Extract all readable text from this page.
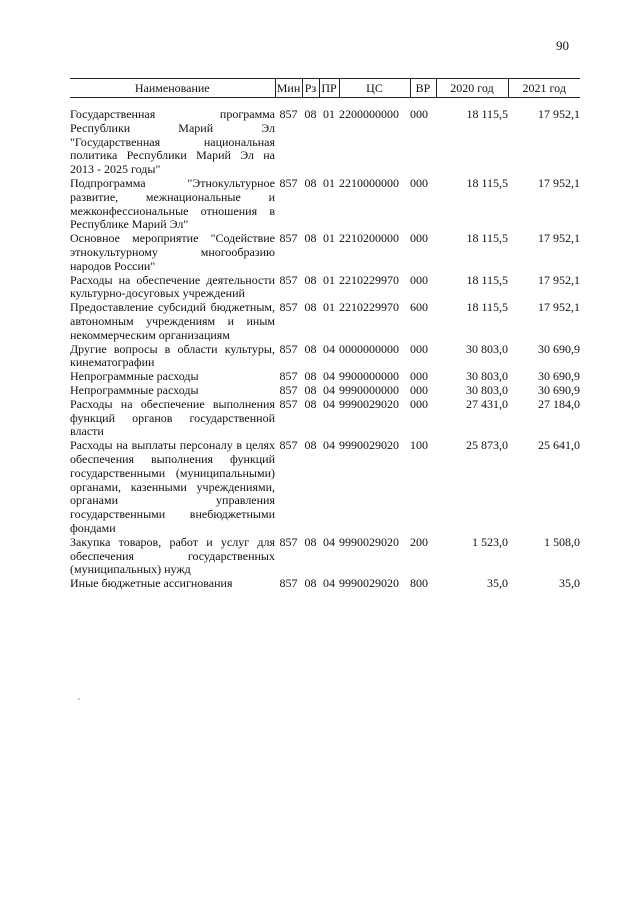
90
Наименование	Мин	Рз	ПР	ЦС	ВР	2020 год	2021 год

Государственная программа Республики Марий Эл "Государственная национальная политика Республики Марий Эл на 2013 - 2025 годы"	857	08	01	2200000000	000	18 115,5	17 952,1
Подпрограмма "Этнокультурное развитие, межнациональные и межконфессиональные отношения в Республике Марий Эл"	857	08	01	2210000000	000	18 115,5	17 952,1
Основное мероприятие "Содействие этнокультурному многообразию народов России"	857	08	01	2210200000	000	18 115,5	17 952,1
Расходы на обеспечение деятельности культурно-досуговых учреждений	857	08	01	2210229970	000	18 115,5	17 952,1
Предоставление субсидий бюджетным, автономным учреждениям и иным некоммерческим организациям	857	08	01	2210229970	600	18 115,5	17 952,1
Другие вопросы в области культуры, кинематографии	857	08	04	0000000000	000	30 803,0	30 690,9
Непрограммные расходы	857	08	04	9900000000	000	30 803,0	30 690,9
Непрограммные расходы	857	08	04	9990000000	000	30 803,0	30 690,9
Расходы на обеспечение выполнения функций органов государственной власти	857	08	04	9990029020	000	27 431,0	27 184,0
Расходы на выплаты персоналу в целях обеспечения выполнения функций государственными (муниципальными) органами, казенными учреждениями, органами управления государственными внебюджетными фондами	857	08	04	9990029020	100	25 873,0	25 641,0
Закупка товаров, работ и услуг для обеспечения государственных (муниципальных) нужд	857	08	04	9990029020	200	1 523,0	1 508,0
Иные бюджетные ассигнования	857	08	04	9990029020	800	35,0	35,0
